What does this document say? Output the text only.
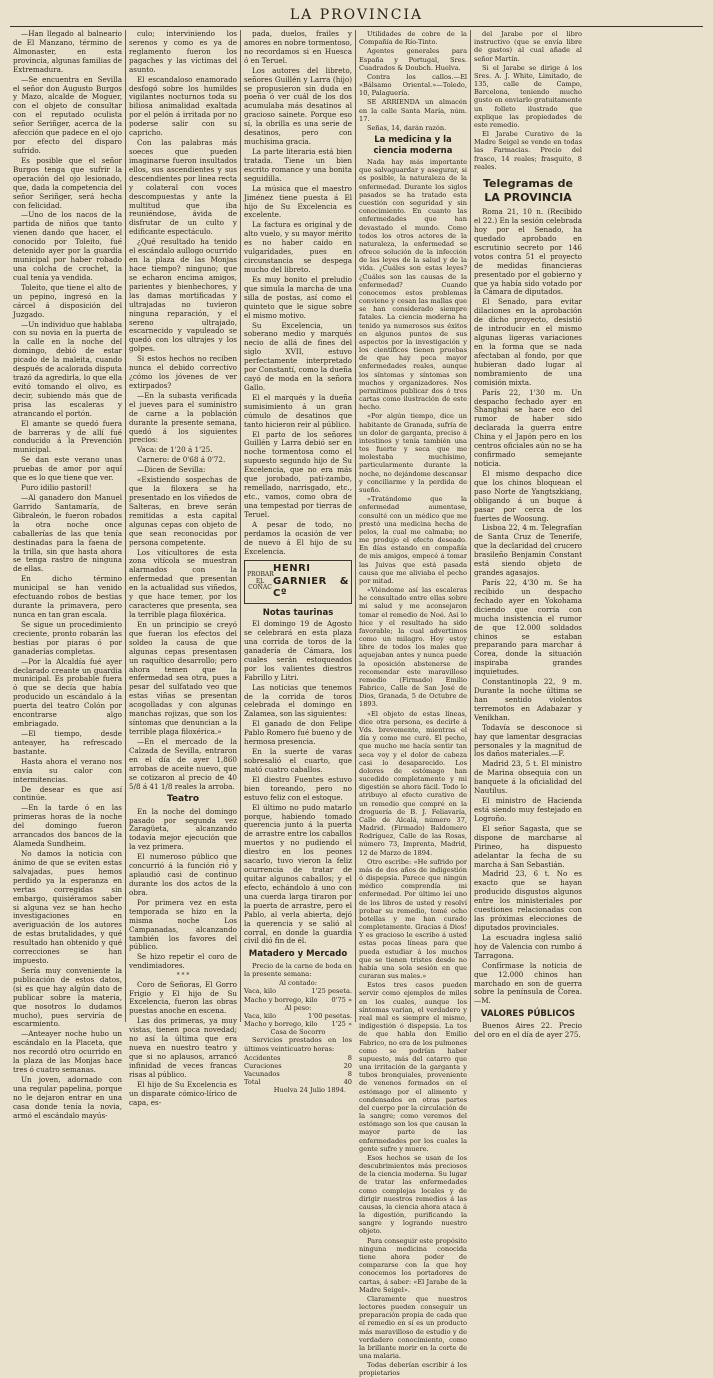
LA PROVINCIA

—Han llegado al balneario de El Manzano, término de Almonaster, en esta provincia, algunas familias de Extremadura.

—Se encuentra en Sevilla el señor don Augusto Burgos y Mazo, alcalde de Moguer, con el objeto de consultar con el reputado oculista señor Seriñger, acerca de la afección que padece en el ojo por efecto del disparo sufrido.

Es posible que el señor Burgos tenga que sufrir la operación del ojo lesionado, que, dada la competencia del señor Seriñger, será hecha con felicidad.

—Uno de los nacos de la partida de niños que tanto vienen dando que hacer, el conocido por Toleito, fué detenido ayer por la guardia municipal por haber robado una colcha de crochet, la cual tenía ya vendida.

Toleito, que tiene el alto de un pepino, ingresó en la cárcel á disposición del Juzgado.

—Un individuo que hablaba con su novia en la puerta de la calle en la noche del domingo, debió de estar picado de la maleita, cuando después de acalorada disputa trazó da agredirla, lo que ella evitó tomando el olivo, es decir, subiendo más que de prisa las escaleras y atrancando el portón.

El amante se quedó fuera de barreras y de allí fué conducido á la Prevención municipal.

Se dan este verano unas pruebas de amor por aquí que es lo que tiene que ver.

Puro idilio pastoril!

—Al ganadero don Manuel Garrido Santamaría, de Gibraleón, le fueron robados la otra noche once caballerías de las que tenía destinadas para la faena de la trilla, sin que hasta ahora se tenga rastro de ninguna de ellas.

En dicho término municipal se han venido efectuando robos de bestias durante la primavera, pero nunca en tan gran escala.

Se sigue un procedimiento creciente, pronto robarán las bestias por piaras ó por ganaderías completas.

—Por la Alcaldía fué ayer declarado creante un guardia municipal. Es probable fuera ó que se decía que había producido un escándalo á la puerta del teatro Colón por encontrarse algo embriagado.

—El tiempo, desde anteayer, ha refrescado bastante.

Hasta ahora el verano nos envía su calor con intermitencias.

De desear es que así continúe.

—En la tarde ó en las primeras horas de la noche del domingo fueron arrancados dos bancos de la Alameda Sundheim.

No damos la noticia con ánimo de que se eviten estas salvajadas, pues hemos perdido ya la esperanza en vertas corregidas sin embargo, quisiéramos saber si alguna vez se han hecho investigaciones en averiguación de los autores de estas brutalidades, y qué resultado han obtenido y qué correcciones se han impuesto.

Sería muy conveniente la publicación de estos datos, (si es que hay algún dato de publicar sobre la materia, que nosotros lo dudamos mucho), pues serviría de escarmiento.

—Anteayer noche hubo un escándalo en la Placeta, que nos recordó otro ocurrido en la plaza de las Monjas hace tres ó cuatro semanas.

Un joven, adornado con una regular papelina, porque no le dejaron entrar en una casa donde tenía la novia, armó el escándalo mayús-

culo; interviniendo los serenos y como es ya de reglamento fueron los pagaches y las víctimas del asunto.

El escandaloso enamorado desfogó sobre los humildes vigilantes nocturnos toda su biliosa animalidad exaltada por el pelón á irritada por no poderse salir con su capricho.

Con las palabras más soeces que pueden imaginarse fueron insultados ellos, sus ascendientes y sus descendientes por linea recta y colateral con voces descompuestas y ante la multitud que iba reuniéndose, ávida de disfrutar de un culto y edificante espectáculo.

¿Qué resultado ha tenido el escándalo aullogo ocurrido en la plaza de las Monjas hace tiempo? ninguno; que se echaron encima amigos, parientes y bienhechores, y las damas mortificadas y ultrajadas no tuvieron ninguna reparación, y el sereno ultrajado, escarnecido y vapuleado se quedó con los ultrajes y los golpes.

Si estos hechos no reciben nunca el debido correctivo ¿cómo los jóvenes de ver extirpados?

—En la subasta verificada el jueves para el suministro de carne a la población durante la presente semana, quedó á los siguientes precios:

Vaca: de 1'20 á 1'25.

Carnero: de 0'68 á 0'72.

—Dicen de Sevilla:

«Existiendo sospechas de que la filoxera se ha presentado en los viñedos de Salteras, en breve serán remitidas a esta capital algunas cepas con objeto de que sean reconocidas por persona competente.

Los viticultores de esta zona vitícola se muestran alarmados con la enfermedad que presentan en la actualidad sus viñedos, y que hace temer, por los caracteres que presenta, sea la terrible plaga filoxérica.

En un principio se creyó que fueran los efectos del soldeo la causa de que algunas cepas presentasen un raquítico desarrollo; pero ahora temen que la enfermedad sea otra, pues a pesar del sulfatado veo que estas viñas se presentan acogolladas y con algunas manchas rojizas, que son los síntomas que denuncian a la terrible plaga filoxérica.»

—En el mercado de la Calzada de Sevilla, entraron en el día de ayer 1,860 arrobas de aceite nuevo, que se cotizaron al precio de 40 5/8 á 41 1/8 reales la arroba.

Teatro

En la noche del domingo pasado por segunda vez Zaragüeta, alcanzando todavía mejor ejecución que la vez primera.

El numeroso público que concurrió á la función rió y aplaudió casi de continuo durante los dos actos de la obra.

Por primera vez en esta temporada se hizo en la misma noche Los Campanadas, alcanzando también los favores del público.

Se hizo repetir el coro de vendimiadores.

* * *

Coro de Señoras, El Gorro Frigio y El hijo de Su Excelencia, fueron las obras puestas anoche en escena.

Las dos primeras, ya muy vistas, tienen poca novedad; no así la última que era nueva en nuestro teatro y que si no aplausos, arrancó infinidad de veces francas risas al público.

El hijo de Su Excelencia es un disparate cómico-lírico de capa, es-

pada, duelos, frailes y amores en nobre tormentoso, no recordamos si en Huesca ó en Teruel.

Los autores del libreto, señores Guillén y Larra (hijo) se propusieron sin duda en poeña ó ver cuál de los dos acumulaba más desatinos al gracioso sainete. Porque eso sí, la obrilla es una serie de desatinos, pero con muchísima gracia.

La parte literaria está bien tratada. Tiene un bien escrito romance y una bonita seguidilla.

La música que el maestro Jiménez tiene puesta á El hijo de Su Excelencia es excelente.

La factura es original y de alto vuelo, y su mayor mérito es no haber caido en vulgaridades, pues en circunstancia se despega mucho del libreto.

Es muy bonito el preludio que simula la marcha de una silla de postas, así como el quinteto que le sigue sobre el mismo motivo.

Su Excelencia, un soberano medio y marqués necio de allá de fines del siglo XVII, estuvo perfectamente interpretado por Constantí, como la dueña cayó de moda en la señora Gallo.

El el marqués y la dueña sumisimiento á un gran cúmulo de desatinos que tanto hicieron reir al público.

El parto de los señores Guillén y Larra debió ser en noche tormentosa como el supuesto segundo hijo de Su Excelencia, que no era más que jorobado, pati-zambo, remellado, narrisgado, etc., etc., vamos, como obra de una tempestad por tierras de Teruel.

A pesar de todo, no perdamos la ocasión de ver de nuevo á El hijo de su Excelencia.

PROBAR EL COÑAC
HENRI GARNIER & Cº
Notas taurinas

El domingo 19 de Agosto se celebrará en esta plaza una corrida de toros de la ganadería de Cámara, los cuales serán estoqueados por los valientes diestros Fabrillo y Litri.

Las noticias que tenemos de la corrida de toros celebrada el domingo en Zalamea, son las siguientes:

El ganado de don Felipe Pablo Romero fué bueno y de hermosa presencia.

En la suerte de varas sobresalió el cuarto, que mató cuatro caballos.

El diestro Fuentes estuvo bien toreando, pero no estuvo feliz con el estoque.

El último no pudo matarlo porque, habiendo tomado querencia junto á la puerta de arrastre entre los caballos muertos y no pudiendo el diestro en los peones sacarlo, tuvo vieron la feliz ocurrencia de tratar de quitar algunos caballos; y el efecto, echándolo á uno con una cuerda larga tiraron por la puerta de arrastre, pero el Pablo, al verla abierta, dejó la querencia y se salió al corral, en donde la guardia civil dió fin de él.

Matadero y Mercado

Precio de la carne de boda en la presente semana:

Al contado:
Vaca, kilo	1'25 peseta.
Macho y borrego, kilo 0'75 »
Al peso:
Vaca, kilo	1'00 pesetas.
Macho y borrego, kilo 1'25 »
Casa de Socorro

Servicios prestados en los últimos veinticuatro horas:

Accidentes	8
Curaciones	20
Vacunados	8
Total	40
Huelva 24 Julio 1894.

Utilidades de cobre de la Compañía de Río-Tinto.

Agentes generales para España y Portugal, Sres. Cuadrados & Doubch. Huelva.

Contra los callos.—El «Bálsamo Oriental.»—Toledo, 10, Palaguería.

SE ARRIENDA un almacén en la calle Santa María, núm. 17.

Señas, 14, darán razón.

La medicina y la ciencia moderna

Nada hay más importante que salvaguardar y asegurar, si es posible, la naturaleza de la enfermedad. Durante los siglos pasados se ha tratado esta cuestión con seguridad y sin conocimiento. En cuanto las enfermedades que han devastado el mundo. Como todos los otros actores de la naturaleza, la enfermedad se ofrece solución de la infección de las leyes de la salud y de la vida. ¿Cuáles son estas leyes? ¿Cuáles son las causas de la enfermedad? Cuando conocemos estos problemas conviene y cesan las mallas que se han considerado siempre fatales. La ciencia moderna ha tenido ya numerosos sus éxitos en algunos puntos de sus aspectos por la investigación y los científicos tienen pruebas de que hay poca mayor enfermedades reales, aunque los síntomas y síntomas son muchos y organizadores. Nos permitimos publicar dos ó tres cartas como ilustración de este hecho.

«Por algún tiempo, dice un habitante de Granada, sufría de un dolor de garganta, preciso á intestinos y tenía también una tos fuerte y seca que me molestaba muchísimo, particularmente durante la noche, no dejándome descansar y conciliarme y la perdida de sueño.

«Tratándome que la enfermedad aumentase, consulté con un médico que me prestó una medicina hecha de pelos, la cual me calmaba; no me produjo el efecto deseado. En días estando en compañía de mis amigos, empecé á tomar las Juivas que está pasada causa que me aliviaba el pecho por mitad.

«Viéndome así las escaleras he consultado entre ellas sobre mi salud y me aconsejaron tomar el remedio de Noé. Así lo hice y el resultado ha sido favorable; la cual advertimos como un milagro. Hoy estoy libre de todos los males que aquejaban antes y nunca puede la oposición abstenerse de recomendar este maravilloso remedio (Firmado) Emilio Fabrico, Calle de San José de Dios, Granada, 5 de Octubre de 1893.

«El objeto de estas líneas, dice otra persona, es decirle á Vds. brevemente, mientras el día y como me curé. El pecho, que mucho me hacía sentir tan seca voy y el dolor de cabeza casi lo desaparecido. Los dolores de estómago han sucedido completamente y mi digestión se ahora fácil. Todo lo atribuyo al efecto curativo de un remedio que compré en la droguería de B. J. Feliavaría, Calle de Alcalá, número 37, Madrid. (Firmado) Baldomero Rodríguez, Calle de las Rosas, número 73, Imprenta, Madrid, 12 de Marzo de 1894.

Otro escribe: «He sufrido por más de dos años de indigestión ó dispepsia. Parece que ningún médico comprendía mi enfermedad. Por último leí uno de los libros de usted y resolví probar su remedio, tomé ocho botellas y me han curado completamente. Gracias á Dios! Y es gracioso le escribo á usted estas pocas líneas para que pueda estudiar á los muchos que se tienen tristes desde no había una sola sesión en que curaran sus males.»

Estos tres casos pueden servir como ejemplos de miles en los cuales, aunque los síntomas varían, el verdadero y real mal es siempre el mismo, indigestión ó dispepsia. La tos de que habla don Emilio Fabrico, no era de los pulmones como se podrían haber supuesto, más del catarro que una irritación de la garganta y tubos bronquiales, proveniente de venenos formados en el estómago por el alimento y condensados en otras partes del cuerpo por la circulación de la sangre; como veremos del estómago son los que causan la mayor parte de las enfermedades por los cuales la gente sufre y muere.

Esos hechos se usan de los descubrimientos más preciosos de la ciencia moderna. Su lugar de tratar las enfermedades como complejas locales y de dirigir nuestros remedios á las causas, la ciencia ahora ataca á la digestión, purificando la sangre y logrando nuestro objeto.

Para conseguir este propósito ninguna medicina conocida tiene ahora poder de compararse con la que hoy conocemos los portadores de cartas, á saber: «El Jarabe de la Madre Seigel».

Claramente que nuestros lectores pueden conseguir un preparación propia de cada que el remedio en sí es un producto más maravilloso de estudio y de verdadero conocimiento, como la brillante morir en la corte de una malaria.

Todas deberían escribir á los propietarios

del Jarabe por el libro instructivo (que se envía libre de gastos) al cual añade al señor Martín.

Si el Jarabe se dirige á los Sres. A. J. White, Limitado, de 135, calle de Campo, Barcelona, teniendo mucho gusto en enviarlo gratuitamente un folleto ilustrado que explique las propiedades de este remedio.

El Jarabe Curativo de la Madre Seigel se vende en todas las Farmacias. Precio del frasco, 14 reales; frasquito, 8 reales.

Telegramas de LA PROVINCIA

Roma 21, 10 n. (Recibido el 22.) En la sesión celebrada hoy por el Senado, ha quedado aprobado en escrutinio secreto por 146 votos contra 51 el proyecto de medidas financieras presentado por el gobierno y que ya había sido votado por la Cámara de diputados.

El Senado, para evitar dilaciones en la aprobación de dicho proyecto, desistió de introducir en el mismo algunas ligeras variaciones en la forma que se nada afectaban al fondo, por que hubieran dado lugar al nombramiento de una comisión mixta.

París 22, 1'30 m. Un despacho fechado ayer en Shanghai se hace eco del rumor de haber sido declarada la guerra entre China y el Japón pero en los centros oficiales aún no se ha confirmado semejante noticia.

El mismo despacho dice que los chinos bloquean el paso Norte de Yangtszkiang, obligando á un buque á pasar por cerca de los fuertes de Woosung.

Lisboa 22, 4 m. Telegrafían de Santa Cruz de Tenerife, que la declaridad del crucero brasileño Benjamin Constant está siendo objeto de grandes agasajos.

París 22, 4'30 m. Se ha recibido un despacho fechado ayer en Yokohama diciendo que corría con mucha insistencia el rumor de que 12.000 soldados chinos se estaban preparando para marchar á Corea, donde la situación inspiraba grandes inquietudes.

Constantinopla 22, 9 m. Durante la noche última se han sentido violentos terremotos en Adabazar y Venikhan.

Todavía se desconoce si hay que lamentar desgracias personales y la magnitud de los daños materiales.—F.

Madrid 23, 5 t. El ministro de Marina obsequia con un banquete á la oficialidad del Nautilus.

El ministro de Hacienda está siendo muy festejado en Logroño.

El señor Sagasta, que se dispone de marcharse al Pirineo, ha dispuesto adelantar la fecha de su marcha á San Sebastián.

Madrid 23, 6 t. No es exacto que se hayan producido disgustos algunos entre los ministeriales por cuestiones relacionadas con las próximas elecciones de diputados provinciales.

La escuadra inglesa salió hoy de Valencia con rumbo á Tarragona.

Confírmase la noticia de que 12.000 chinos han marchado en son de guerra sobre la península de Corea.—M.

VALORES PÚBLICOS

Buenos Aires 22. Precio del oro en el día de ayer 275.
